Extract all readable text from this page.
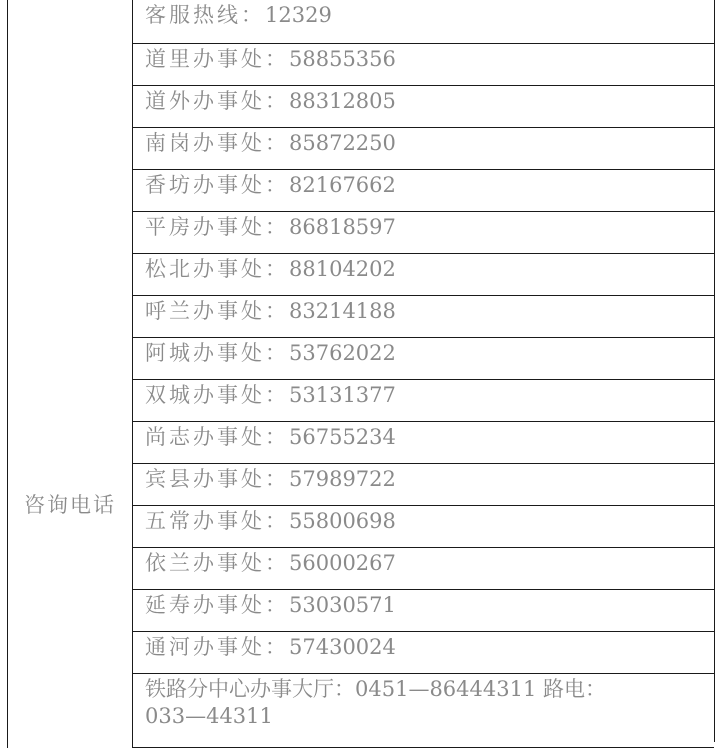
咨询电话
客服热线：12329
道里办事处：58855356
道外办事处：88312805
南岗办事处：85872250
香坊办事处：82167662
平房办事处：86818597
松北办事处：88104202
呼兰办事处：83214188
阿城办事处：53762022
双城办事处：53131377
尚志办事处：56755234
宾县办事处：57989722
五常办事处：55800698
依兰办事处：56000267
延寿办事处：53030571
通河办事处：57430024
铁路分中心办事大厅：0451—86444311 路电：
033—44311
